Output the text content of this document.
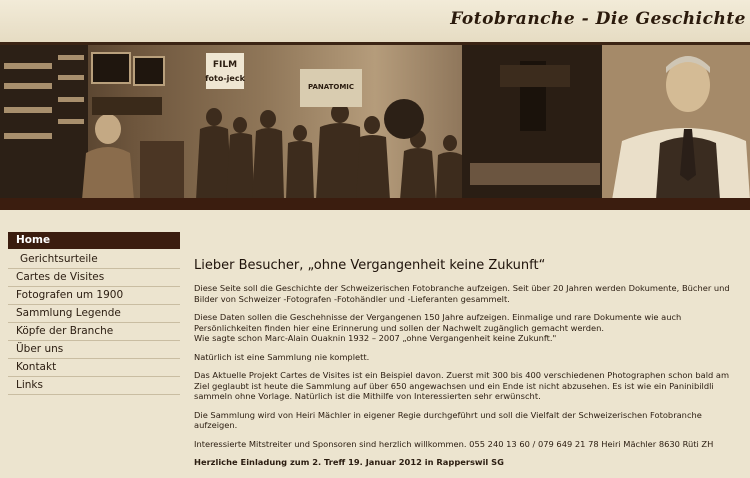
Fotobranche - Die Geschichte
FILM
foto-jeck
PANATOMIC
Home
Gerichtsurteile
Cartes de Visites
Fotografen um 1900
Sammlung Legende
Köpfe der Branche
Über uns
Kontakt
Links
Lieber Besucher, „ohne Vergangenheit keine Zukunft“

Diese Seite soll die Geschichte der Schweizerischen Fotobranche aufzeigen. Seit über 20 Jahren werden Dokumente, Bücher und Bilder von Schweizer -Fotografen -Fotohändler und -Lieferanten gesammelt.

Diese Daten sollen die Geschehnisse der Vergangenen 150 Jahre aufzeigen. Einmalige und rare Dokumente wie auch Persönlichkeiten finden hier eine Erinnerung und sollen der Nachwelt zugänglich gemacht werden.
Wie sagte schon Marc-Alain Ouaknin 1932 – 2007 „ohne Vergangenheit keine Zukunft."

Natürlich ist eine Sammlung nie komplett.

Das Aktuelle Projekt Cartes de Visites ist ein Beispiel davon. Zuerst mit 300 bis 400 verschiedenen Photographen schon bald am Ziel geglaubt ist heute die Sammlung auf über 650 angewachsen und ein Ende ist nicht abzusehen. Es ist wie ein Paninibildli sammeln ohne Vorlage. Natürlich ist die Mithilfe von Interessierten sehr erwünscht.

Die Sammlung wird von Heiri Mächler in eigener Regie durchgeführt und soll die Vielfalt der Schweizerischen Fotobranche aufzeigen.

Interessierte Mitstreiter und Sponsoren sind herzlich willkommen. 055 240 13 60 / 079 649 21 78 Heiri Mächler 8630 Rüti ZH

Herzliche Einladung zum 2. Treff 19. Januar 2012 in Rapperswil SG
